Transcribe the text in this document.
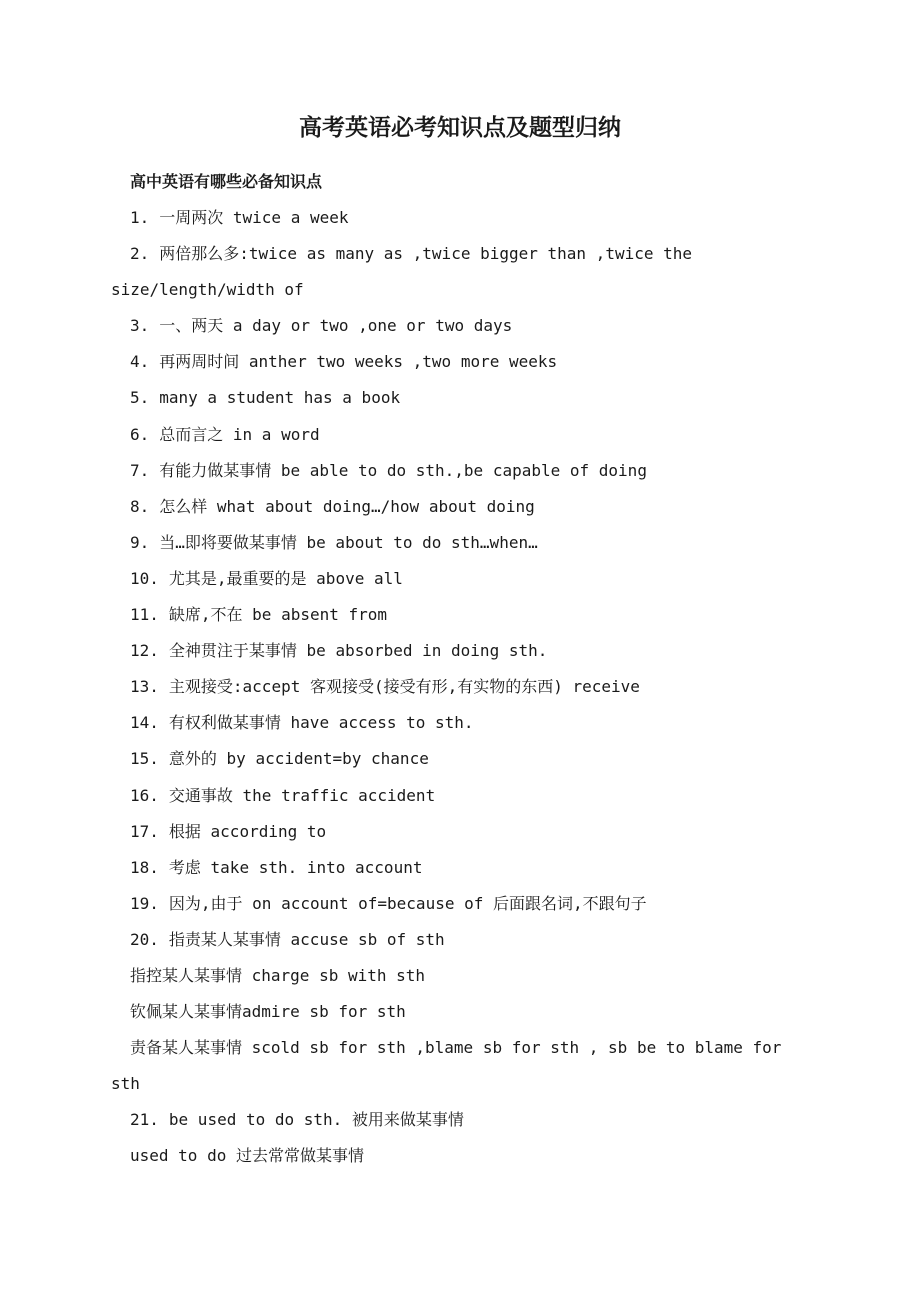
高考英语必考知识点及题型归纳
高中英语有哪些必备知识点
1. 一周两次 twice a week
2. 两倍那么多:twice as many as ,twice bigger than ,twice the
size/length/width of
3. 一、两天 a day or two ,one or two days
4. 再两周时间 anther two weeks ,two more weeks
5. many a student has a book
6. 总而言之 in a word
7. 有能力做某事情 be able to do sth.,be capable of doing
8. 怎么样 what about doing…/how about doing
9. 当…即将要做某事情 be about to do sth…when…
10. 尤其是,最重要的是 above all
11. 缺席,不在 be absent from
12. 全神贯注于某事情 be absorbed in doing sth.
13. 主观接受:accept 客观接受(接受有形,有实物的东西) receive
14. 有权利做某事情 have access to sth.
15. 意外的 by accident=by chance
16. 交通事故 the traffic accident
17. 根据 according to
18. 考虑 take sth. into account
19. 因为,由于 on account of=because of 后面跟名词,不跟句子
20. 指责某人某事情 accuse sb of sth
指控某人某事情 charge sb with sth
钦佩某人某事情admire sb for sth
责备某人某事情 scold sb for sth ,blame sb for sth , sb be to blame for
sth
21. be used to do sth. 被用来做某事情
used to do 过去常常做某事情
